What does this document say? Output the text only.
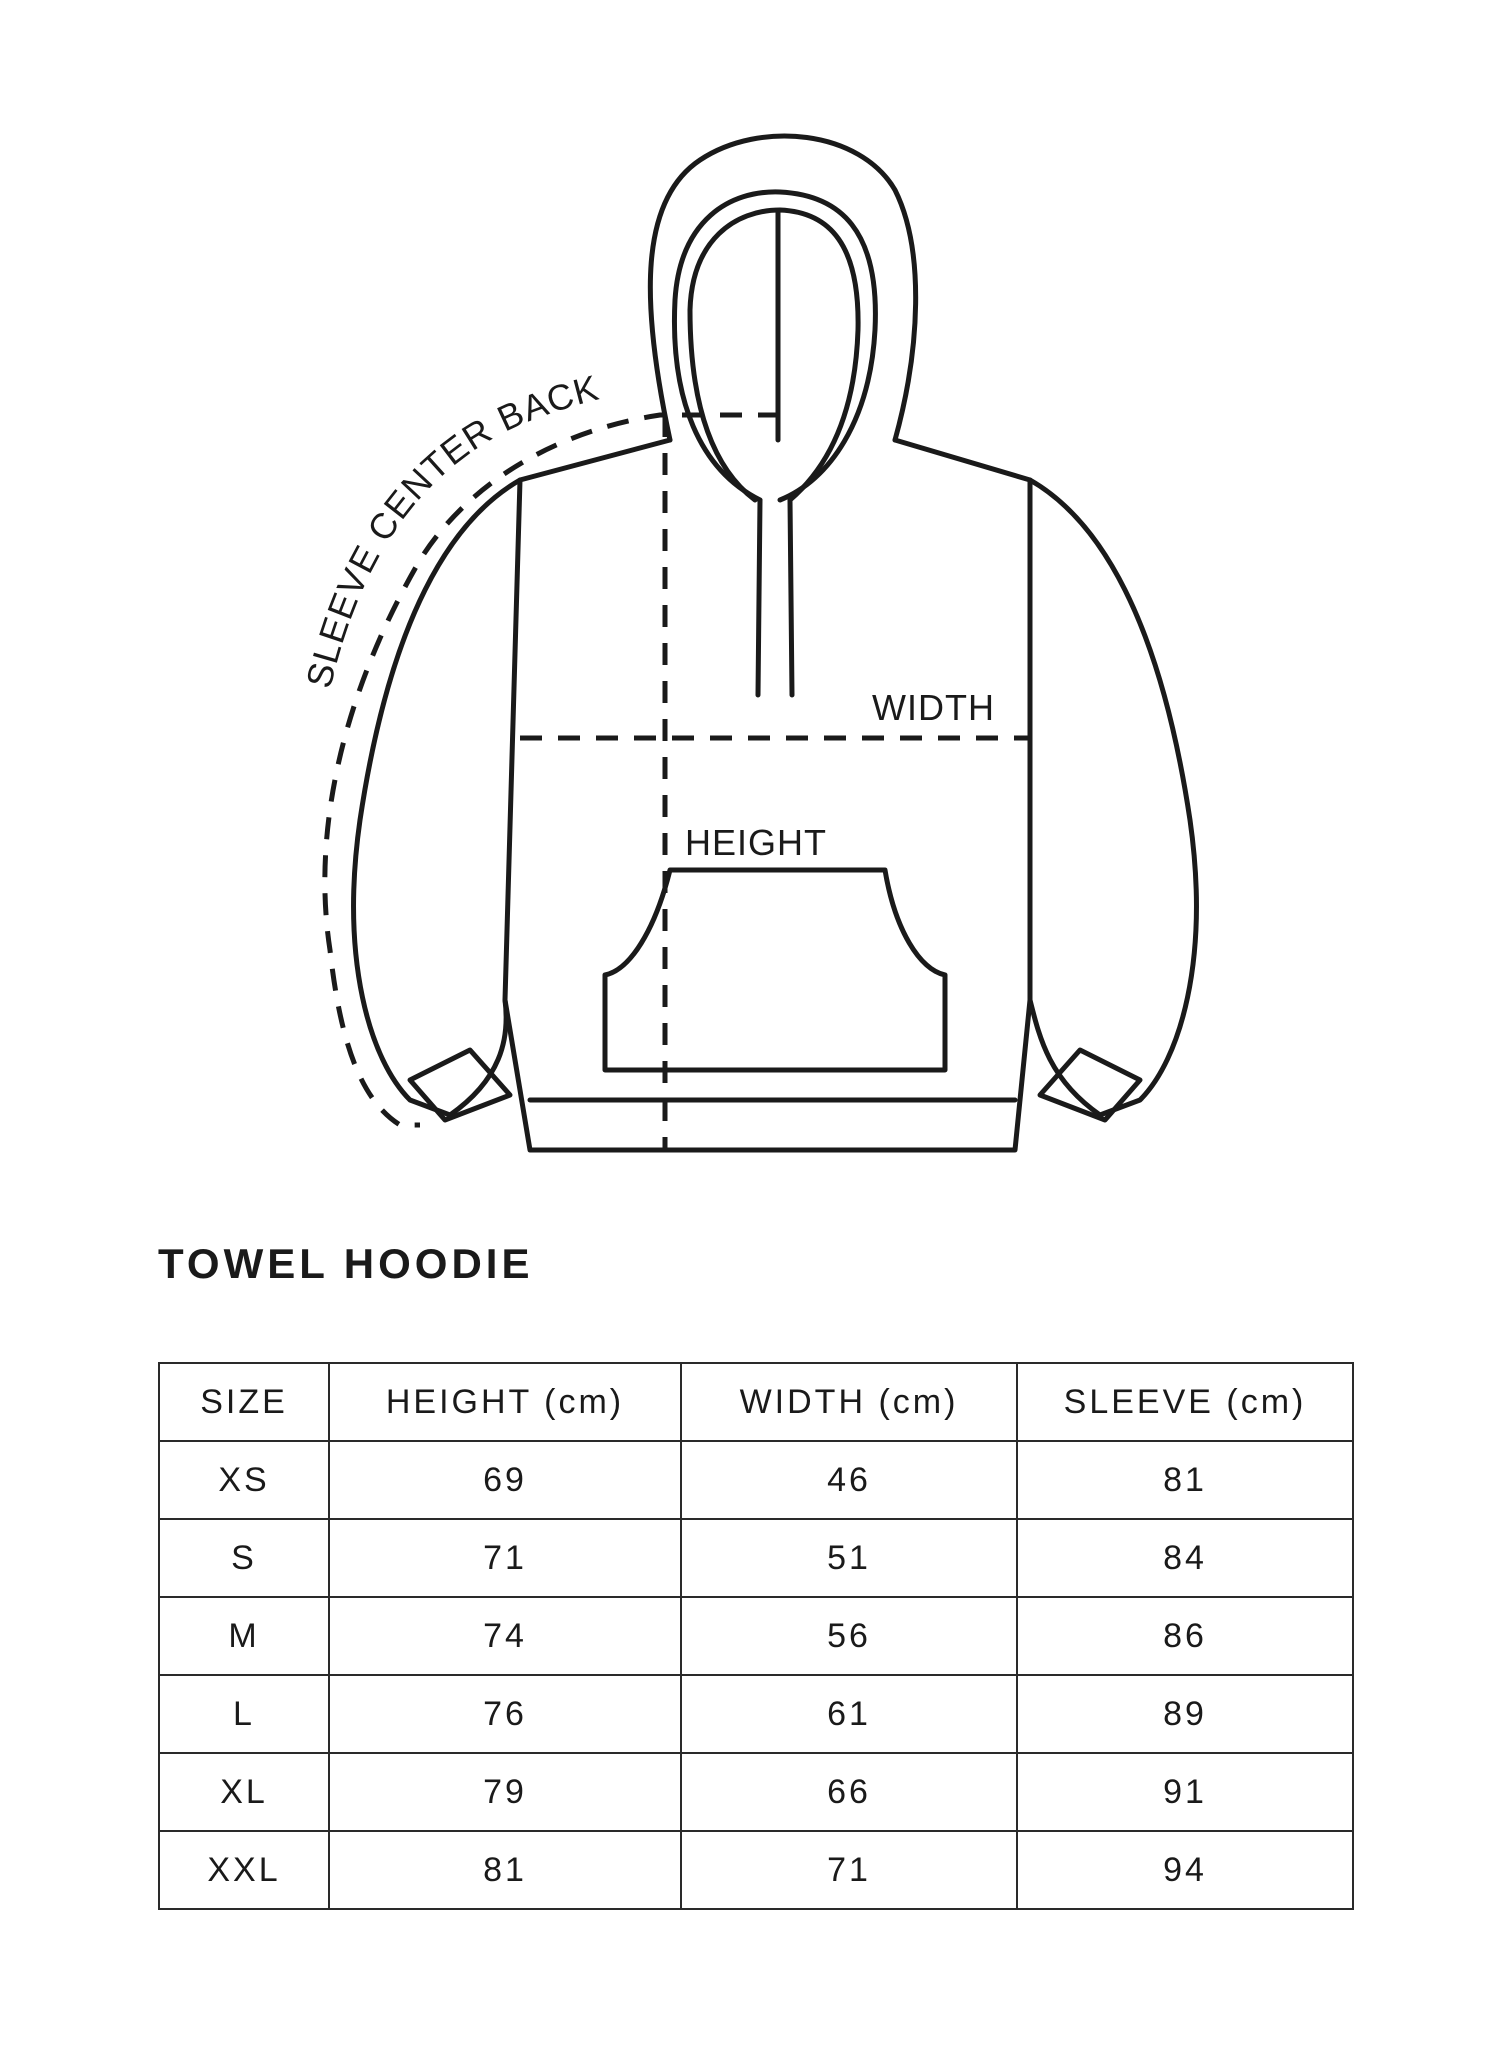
SLEEVE CENTER BACK
WIDTH
HEIGHT
TOWEL HOODIE
SIZE	HEIGHT (cm)	WIDTH (cm)	SLEEVE (cm)
XS	69	46	81
S	71	51	84
M	74	56	86
L	76	61	89
XL	79	66	91
XXL	81	71	94
